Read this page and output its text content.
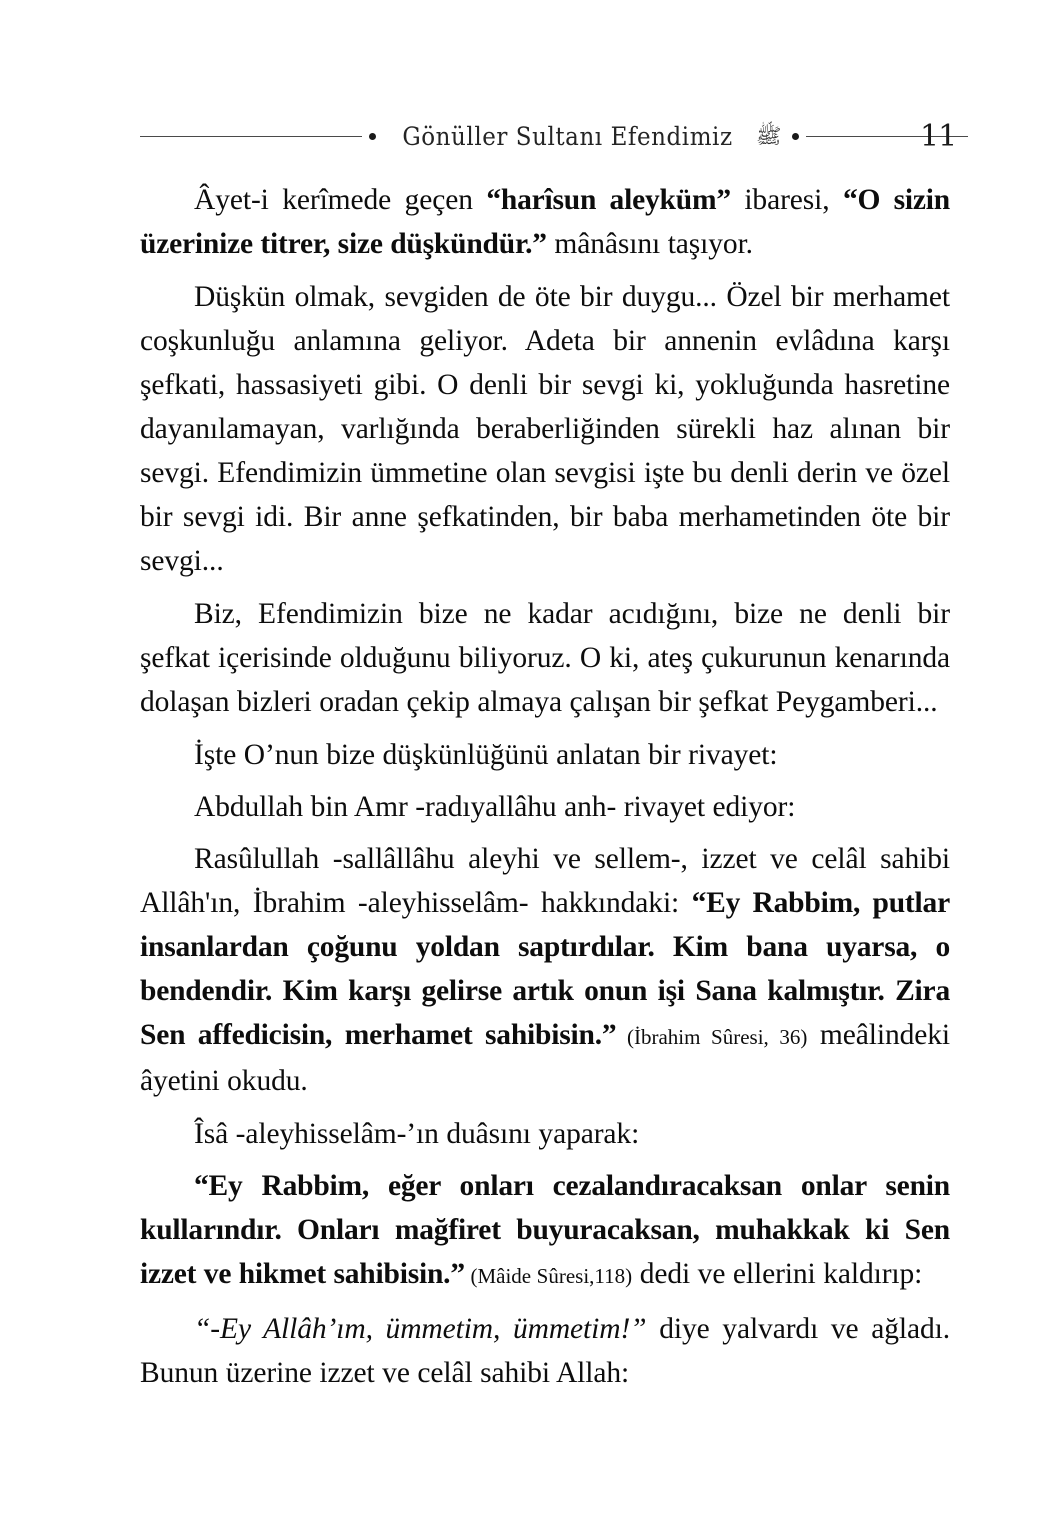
Gönüller Sultanı Efendimiz ﷺ	11

Âyet-i kerîmede geçen “harîsun aleyküm” ibaresi, “O sizin üzerinize titrer, size düşkündür.” mânâsını taşıyor.

Düşkün olmak, sevgiden de öte bir duygu... Özel bir merhamet coşkunluğu anlamına geliyor. Adeta bir annenin evlâdına karşı şefkati, hassasiyeti gibi. O denli bir sevgi ki, yokluğunda hasretine dayanılamayan, varlığında beraberliğinden sürekli haz alınan bir sevgi. Efendimizin ümmetine olan sevgisi işte bu denli derin ve özel bir sevgi idi. Bir anne şefkatinden, bir baba merhametinden öte bir sevgi...

Biz, Efendimizin bize ne kadar acıdığını, bize ne denli bir şefkat içerisinde olduğunu biliyoruz. O ki, ateş çukurunun kenarında dolaşan bizleri oradan çekip almaya çalışan bir şefkat Peygamberi...

İşte O’nun bize düşkünlüğünü anlatan bir rivayet:

Abdullah bin Amr -radıyallâhu anh- rivayet ediyor:

Rasûlullah -sallâllâhu aleyhi ve sellem-, izzet ve celâl sahibi Allâh'ın, İbrahim -aleyhisselâm- hakkındaki: “Ey Rabbim, putlar insanlardan çoğunu yoldan saptırdılar. Kim bana uyarsa, o bendendir. Kim karşı gelirse artık onun işi Sana kalmıştır. Zira Sen affedicisin, merhamet sahibisin.” (İbrahim Sûresi, 36) meâlindeki âyetini okudu.

Îsâ -aleyhisselâm-’ın duâsını yaparak:

“Ey Rabbim, eğer onları cezalandıracaksan onlar senin kullarındır. Onları mağfiret buyuracaksan, muhakkak ki Sen izzet ve hikmet sahibisin.” (Mâide Sûresi,118) dedi ve ellerini kaldırıp:

“-Ey Allâh’ım, ümmetim, ümmetim!” diye yalvardı ve ağladı. Bunun üzerine izzet ve celâl sahibi Allah:
